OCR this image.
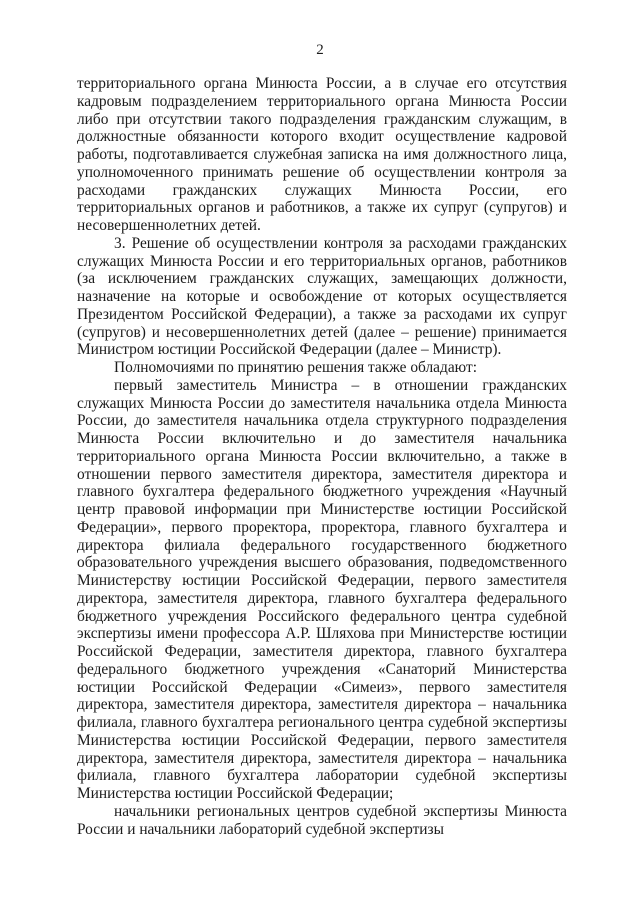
2

территориального органа Минюста России, а в случае его отсутствия кадровым подразделением территориального органа Минюста России либо при отсутствии такого подразделения гражданским служащим, в должностные обязанности которого входит осуществление кадровой работы, подготавливается служебная записка на имя должностного лица, уполномоченного принимать решение об осуществлении контроля за расходами гражданских служащих Минюста России, его территориальных органов и работников, а также их супруг (супругов) и несовершеннолетних детей.

3. Решение об осуществлении контроля за расходами гражданских служащих Минюста России и его территориальных органов, работников (за исключением гражданских служащих, замещающих должности, назначение на которые и освобождение от которых осуществляется Президентом Российской Федерации), а также за расходами их супруг (супругов) и несовершеннолетних детей (далее – решение) принимается Министром юстиции Российской Федерации (далее – Министр).

Полномочиями по принятию решения также обладают:

первый заместитель Министра – в отношении гражданских служащих Минюста России до заместителя начальника отдела Минюста России, до заместителя начальника отдела структурного подразделения Минюста России включительно и до заместителя начальника территориального органа Минюста России включительно, а также в отношении первого заместителя директора, заместителя директора и главного бухгалтера федерального бюджетного учреждения «Научный центр правовой информации при Министерстве юстиции Российской Федерации», первого проректора, проректора, главного бухгалтера и директора филиала федерального государственного бюджетного образовательного учреждения высшего образования, подведомственного Министерству юстиции Российской Федерации, первого заместителя директора, заместителя директора, главного бухгалтера федерального бюджетного учреждения Российского федерального центра судебной экспертизы имени профессора А.Р. Шляхова при Министерстве юстиции Российской Федерации, заместителя директора, главного бухгалтера федерального бюджетного учреждения «Санаторий Министерства юстиции Российской Федерации «Симеиз», первого заместителя директора, заместителя директора, заместителя директора – начальника филиала, главного бухгалтера регионального центра судебной экспертизы Министерства юстиции Российской Федерации, первого заместителя директора, заместителя директора, заместителя директора – начальника филиала, главного бухгалтера лаборатории судебной экспертизы Министерства юстиции Российской Федерации;

начальники региональных центров судебной экспертизы Минюста России и начальники лабораторий судебной экспертизы
